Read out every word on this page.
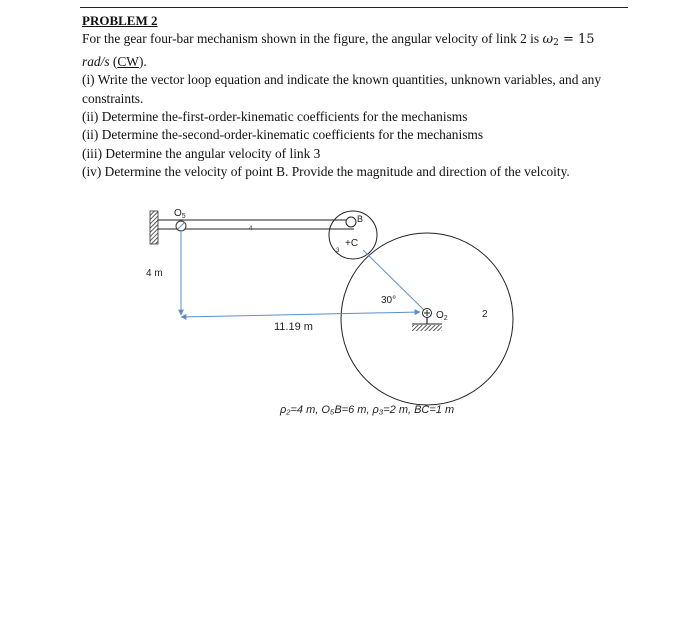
PROBLEM 2
For the gear four-bar mechanism shown in the figure, the angular velocity of link 2 is $\omega_2 = 15$
rad/s (CW).
(i) Write the vector loop equation and indicate the known quantities, unknown variables, and any
constraints.
(ii) Determine the-first-order-kinematic coefficients for the mechanisms
(ii) Determine the-second-order-kinematic coefficients for the mechanisms
(iii) Determine the angular velocity of link 3
(iv) Determine the velocity of point B. Provide the magnitude and direction of the velcoity.
$O_5$
4
B
+C
3
4 m
30°
$O_2$	2
11.19 m
ρ₂=4 m, O₅B=6 m, ρ₃=2 m, BC=1 m
